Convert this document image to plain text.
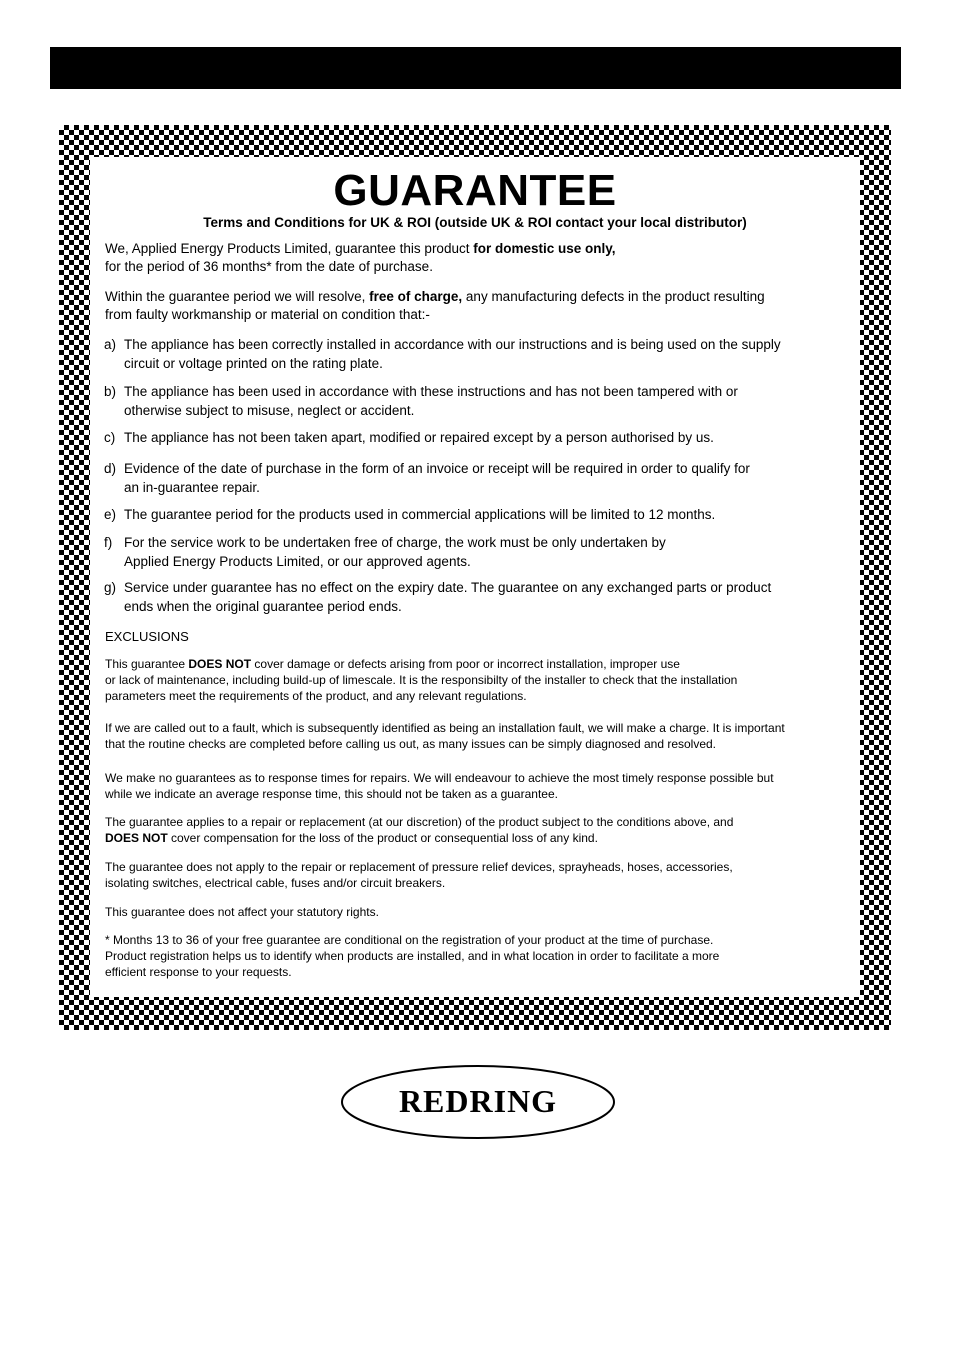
GUARANTEE

Terms and Conditions for UK & ROI (outside UK & ROI contact your local distributor)

We, Applied Energy Products Limited, guarantee this product for domestic use only,
for the period of 36 months* from the date of purchase.

Within the guarantee period we will resolve, free of charge, any manufacturing defects in the product resulting
from faulty workmanship or material on condition that:-

a) The appliance has been correctly installed in accordance with our instructions and is being used on the supply
circuit or voltage printed on the rating plate.
b) The appliance has been used in accordance with these instructions and has not been tampered with or
otherwise subject to misuse, neglect or accident.
c) The appliance has not been taken apart, modified or repaired except by a person authorised by us.
d) Evidence of the date of purchase in the form of an invoice or receipt will be required in order to qualify for
an in-guarantee repair.
e) The guarantee period for the products used in commercial applications will be limited to 12 months.
f) For the service work to be undertaken free of charge, the work must be only undertaken by
Applied Energy Products Limited, or our approved agents.
g) Service under guarantee has no effect on the expiry date. The guarantee on any exchanged parts or product
ends when the original guarantee period ends.

EXCLUSIONS

This guarantee DOES NOT cover damage or defects arising from poor or incorrect installation, improper use
or lack of maintenance, including build-up of limescale. It is the responsibilty of the installer to check that the installation
parameters meet the requirements of the product, and any relevant regulations.

If we are called out to a fault, which is subsequently identified as being an installation fault, we will make a charge. It is important
that the routine checks are completed before calling us out, as many issues can be simply diagnosed and resolved.

We make no guarantees as to response times for repairs. We will endeavour to achieve the most timely response possible but
while we indicate an average response time, this should not be taken as a guarantee.

The guarantee applies to a repair or replacement (at our discretion) of the product subject to the conditions above, and
DOES NOT cover compensation for the loss of the product or consequential loss of any kind.

The guarantee does not apply to the repair or replacement of pressure relief devices, sprayheads, hoses, accessories,
isolating switches, electrical cable, fuses and/or circuit breakers.

This guarantee does not affect your statutory rights.

* Months 13 to 36 of your free guarantee are conditional on the registration of your product at the time of purchase.
Product registration helps us to identify when products are installed, and in what location in order to facilitate a more
efficient response to your requests.

REDRING
